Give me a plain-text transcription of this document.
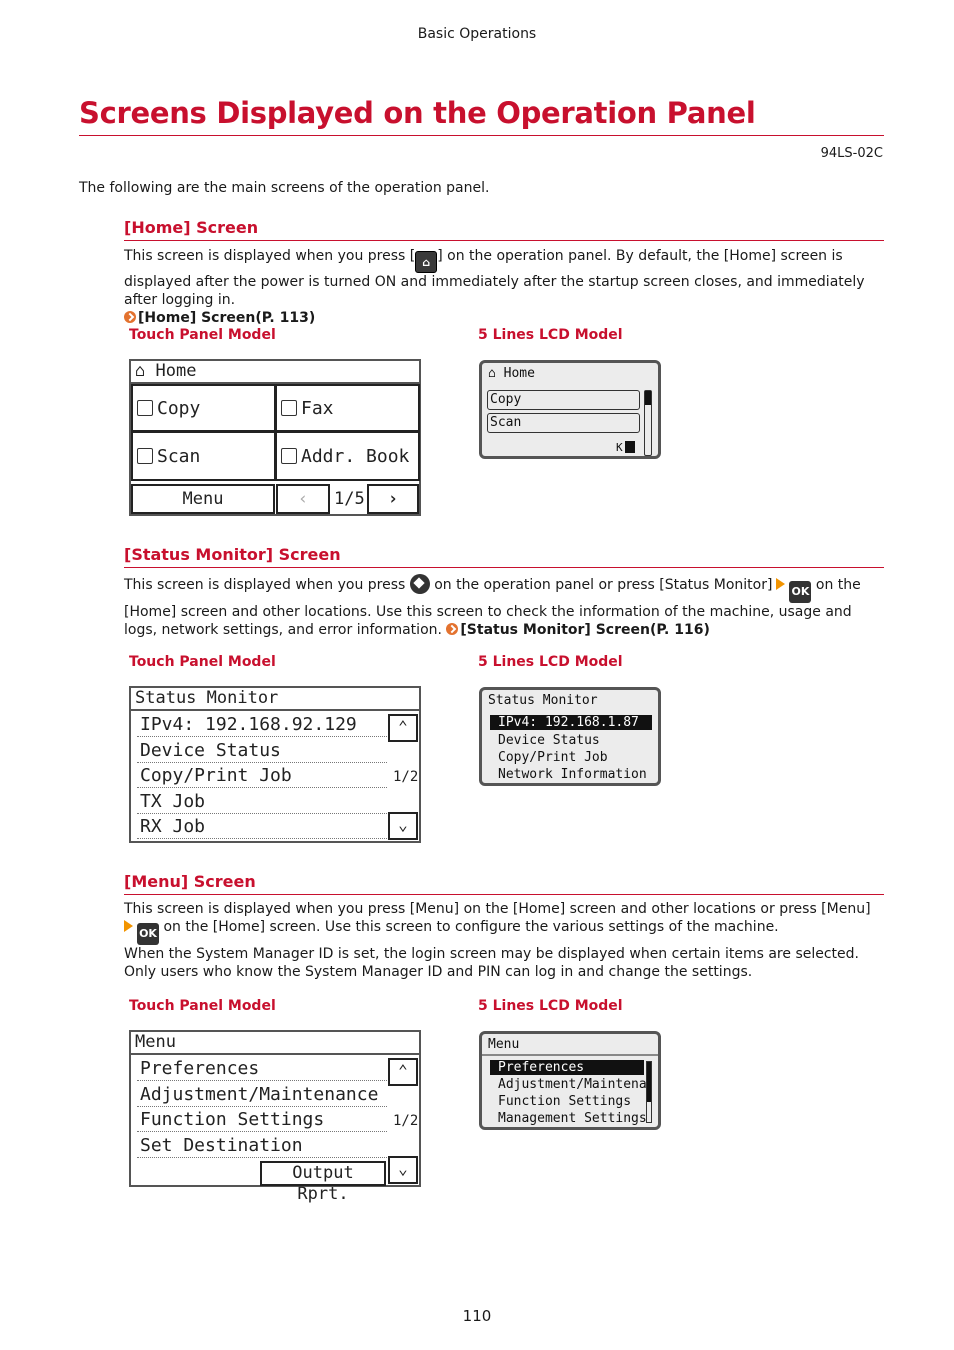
Basic Operations
Screens Displayed on the Operation Panel
94LS-02C
The following are the main screens of the operation panel.
[Home] Screen
This screen is displayed when you press [ ⌂ ] on the operation panel. By default, the [Home] screen is displayed after the power is turned ON and immediately after the startup screen closes, and immediately after logging in.
[Home] Screen(P. 113)
Touch Panel Model	5 Lines LCD Model
⌂ Home
Copy	Fax
Scan	Addr. Book
Menu	‹	1/5	›
⌂ Home
Copy
Scan
K
[Status Monitor] Screen
This screen is displayed when you press on the operation panel or press [Status Monitor] OK on the [Home] screen and other locations. Use this screen to check the information of the machine, usage and logs, network settings, and error information. [Status Monitor] Screen(P. 116)
Touch Panel Model	5 Lines LCD Model
Status Monitor
IPv4: 192.168.92.129
Device Status
Copy/Print Job
TX Job
RX Job
⌃
1/2
⌄
Status Monitor
IPv4: 192.168.1.87
Device Status
Copy/Print Job
Network Information
[Menu] Screen
This screen is displayed when you press [Menu] on the [Home] screen and other locations or press [Menu]
OK on the [Home] screen. Use this screen to configure the various settings of the machine.
When the System Manager ID is set, the login screen may be displayed when certain items are selected. Only users who know the System Manager ID and PIN can log in and change the settings.
Touch Panel Model	5 Lines LCD Model
Menu
Preferences
Adjustment/Maintenance
Function Settings
Set Destination
Output Rprt.
⌃
1/2
⌄
Menu
Preferences
Adjustment/Maintena
Function Settings
Management Settings
110
